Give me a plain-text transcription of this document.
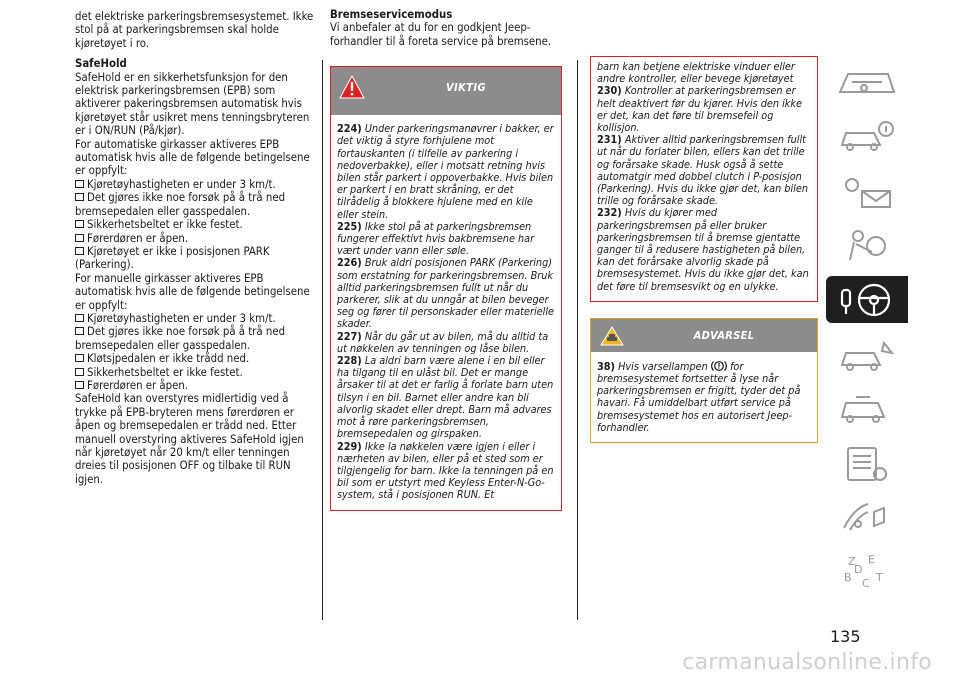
det elektriske parkeringsbremsesystemet. Ikke stol på at parkeringsbremsen skal holde kjøretøyet i ro.

SafeHold

SafeHold er en sikkerhetsfunksjon for den elektrisk parkeringsbremsen (EPB) som aktiverer pakeringsbremsen automatisk hvis kjøretøyet står usikret mens tenningsbryteren er i ON/RUN (På/kjør).

For automatiske girkasser aktiveres EPB automatisk hvis alle de følgende betingelsene er oppfylt:

Kjøretøyhastigheten er under 3 km/t.

Det gjøres ikke noe forsøk på å trå ned bremsepedalen eller gasspedalen.

Sikkerhetsbeltet er ikke festet.

Førerdøren er åpen.

Kjøretøyet er ikke i posisjonen PARK (Parkering).

For manuelle girkasser aktiveres EPB automatisk hvis alle de følgende betingelsene er oppfylt:

Kjøretøyhastigheten er under 3 km/t.

Det gjøres ikke noe forsøk på å trå ned bremsepedalen eller gasspedalen.

Kløtsjpedalen er ikke trådd ned.

Sikkerhetsbeltet er ikke festet.

Førerdøren er åpen.

SafeHold kan overstyres midlertidig ved å trykke på EPB-bryteren mens førerdøren er åpen og bremsepedalen er trådd ned. Etter manuell overstyring aktiveres SafeHold igjen når kjøretøyet når 20 km/t eller tenningen dreies til posisjonen OFF og tilbake til RUN igjen.

Bremseservicemodus

Vi anbefaler at du for en godkjent Jeep-forhandler til å foreta service på bremsene.

VIKTIG

224) Under parkeringsmanøvrer i bakker, er det viktig å styre forhjulene mot fortauskanten (i tilfelle av parkering i nedoverbakke), eller i motsatt retning hvis bilen står parkert i oppoverbakke. Hvis bilen er parkert i en bratt skråning, er det tilrådelig å blokkere hjulene med en kile eller stein.

225) Ikke stol på at parkeringsbremsen fungerer effektivt hvis bakbremsene har vært under vann eller søle.

226) Bruk aldri posisjonen PARK (Parkering) som erstatning for parkeringsbremsen. Bruk alltid parkeringsbremsen fullt ut når du parkerer, slik at du unngår at bilen beveger seg og fører til personskader eller materielle skader.

227) Når du går ut av bilen, må du alltid ta ut nøkkelen av tenningen og låse bilen.

228) La aldri barn være alene i en bil eller ha tilgang til en ulåst bil. Det er mange årsaker til at det er farlig å forlate barn uten tilsyn i en bil. Barnet eller andre kan bli alvorlig skadet eller drept. Barn må advares mot å røre parkeringsbremsen, bremsepedalen og girspaken.

229) Ikke la nøkkelen være igjen i eller i nærheten av bilen, eller på et sted som er tilgjengelig for barn. Ikke la tenningen på en bil som er utstyrt med Keyless Enter-N-Go-system, stå i posisjonen RUN. Et

barn kan betjene elektriske vinduer eller andre kontroller, eller bevege kjøretøyet

230) Kontroller at parkeringsbremsen er helt deaktivert før du kjører. Hvis den ikke er det, kan det føre til bremsefeil og kollisjon.

231) Aktiver alltid parkeringsbremsen fullt ut når du forlater bilen, ellers kan det trille og forårsake skade. Husk også å sette automatgir med dobbel clutch i P-posisjon (Parkering). Hvis du ikke gjør det, kan bilen trille og forårsake skade.

232) Hvis du kjører med parkeringsbremsen på eller bruker parkeringsbremsen til å bremse gjentatte ganger til å redusere hastigheten på bilen, kan det forårsake alvorlig skade på bremsesystemet. Hvis du ikke gjør det, kan det føre til bremsesvikt og en ulykke.

ADVARSEL

38) Hvis varsellampen for bremsesystemet fortsetter å lyse når parkeringsbremsen er frigitt, tyder det på havari. Få umiddelbart utført service på bremsesystemet hos en autorisert Jeep-forhandler.

Z E
B C T
D
135
carmanualsonline.info
